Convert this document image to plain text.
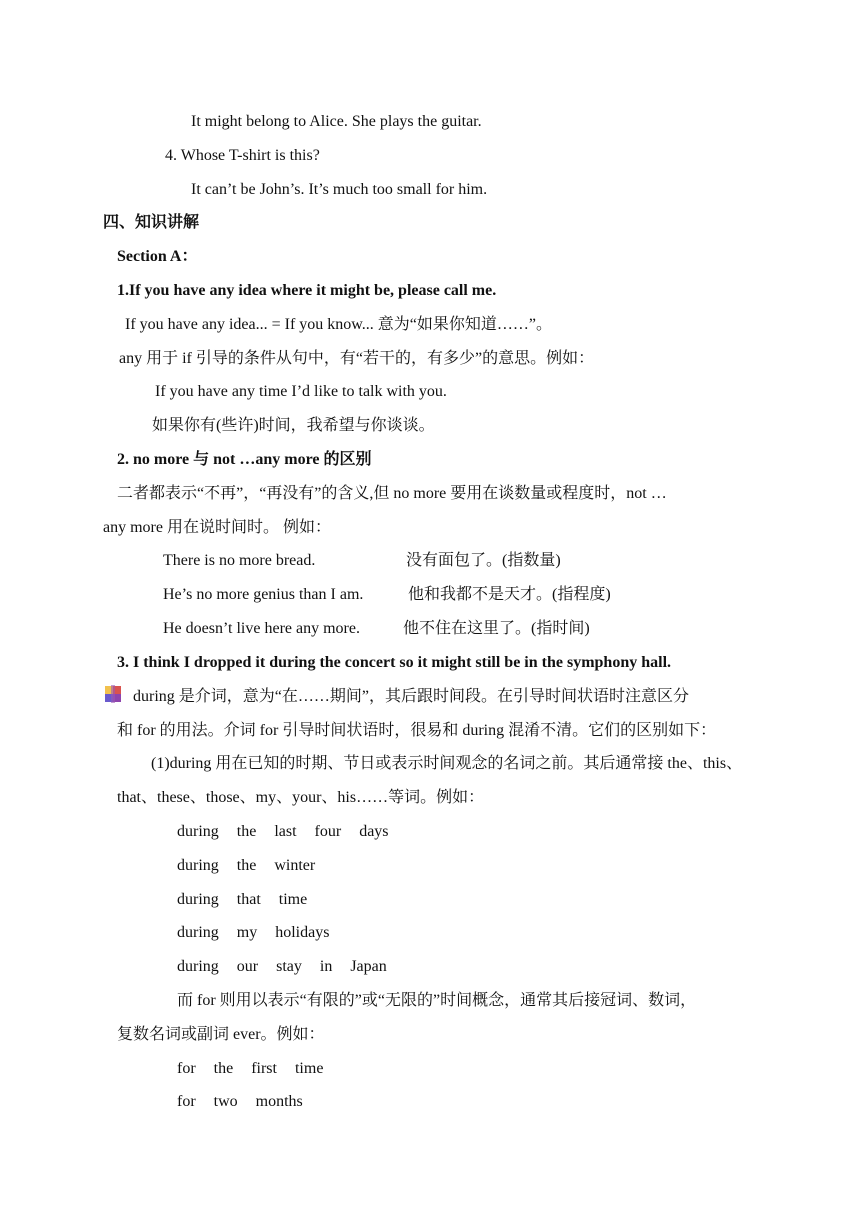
It might belong to Alice. She plays the guitar.
4. Whose T-shirt is this?
It can’t be John’s. It’s much too small for him.
四、知识讲解
Section A：
1.If you have any idea where it might be, please call me.
If you have any idea... = If you know... 意为“如果你知道……”。
any 用于 if 引导的条件从句中，有“若干的，有多少”的意思。例如：
If you have any time I’d like to talk with you.
如果你有(些许)时间，我希望与你谈谈。
2. no more 与 not …any more 的区别
二者都表示“不再”，“再没有”的含义,但 no more 要用在谈数量或程度时，not …
any more 用在说时间时。 例如：
There is no more bread.	没有面包了。(指数量)
He’s no more genius than I am.	他和我都不是天才。(指程度)
He doesn’t live here any more.	他不住在这里了。(指时间)
3. I think I dropped it during the concert so it might still be in the symphony hall.
during 是介词，意为“在……期间”，其后跟时间段。在引导时间状语时注意区分
和 for 的用法。介词 for 引导时间状语时，很易和 during 混淆不清。它们的区别如下：
(1)during 用在已知的时期、节日或表示时间观念的名词之前。其后通常接 the、this、
that、these、those、my、your、his……等词。例如：
during the last four days
during the winter
during that time
during my holidays
during our stay in Japan
而 for 则用以表示“有限的”或“无限的”时间概念，通常其后接冠词、数词，
复数名词或副词 ever。例如：
for the first time
for two months
